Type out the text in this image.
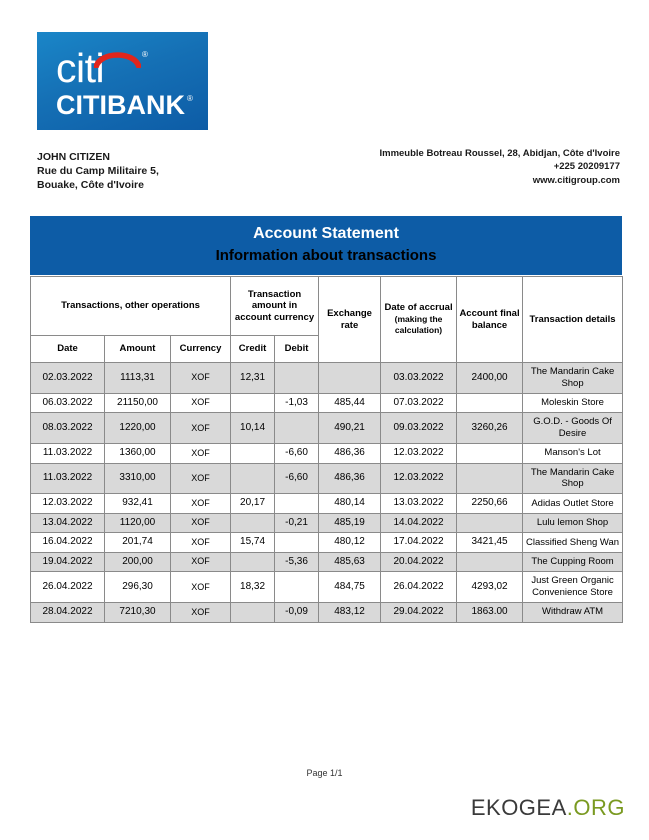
citi	®
CITIBANK ®
JOHN CITIZEN
Rue du Camp Militaire 5,
Bouake, Côte d'Ivoire
Immeuble Botreau Roussel, 28, Abidjan, Côte d'Ivoire
+225 20209177
www.citigroup.com
Account Statement
Information about transactions
Transactions, other operations			Transaction amount in account currency		Exchange rate	Date of accrual (making the calculation)	Account final balance	Transaction details
Date	Amount	Currency	Credit	Debit				
02.03.2022	1113,31	XOF	12,31			03.03.2022	2400,00	The Mandarin Cake Shop
06.03.2022	21150,00	XOF		-1,03	485,44	07.03.2022		Moleskin Store
08.03.2022	1220,00	XOF	10,14		490,21	09.03.2022	3260,26	G.O.D. - Goods Of Desire
11.03.2022	1360,00	XOF		-6,60	486,36	12.03.2022		Manson's Lot
11.03.2022	3310,00	XOF		-6,60	486,36	12.03.2022		The Mandarin Cake Shop
12.03.2022	932,41	XOF	20,17		480,14	13.03.2022	2250,66	Adidas Outlet Store
13.04.2022	1120,00	XOF		-0,21	485,19	14.04.2022		Lulu lemon Shop
16.04.2022	201,74	XOF	15,74		480,12	17.04.2022	3421,45	Classified Sheng Wan
19.04.2022	200,00	XOF		-5,36	485,63	20.04.2022		The Cupping Room
26.04.2022	296,30	XOF	18,32		484,75	26.04.2022	4293,02	Just Green Organic Convenience Store
28.04.2022	7210,30	XOF		-0,09	483,12	29.04.2022	1863.00	Withdraw ATM
Page 1/1
EKOGEA.ORG
